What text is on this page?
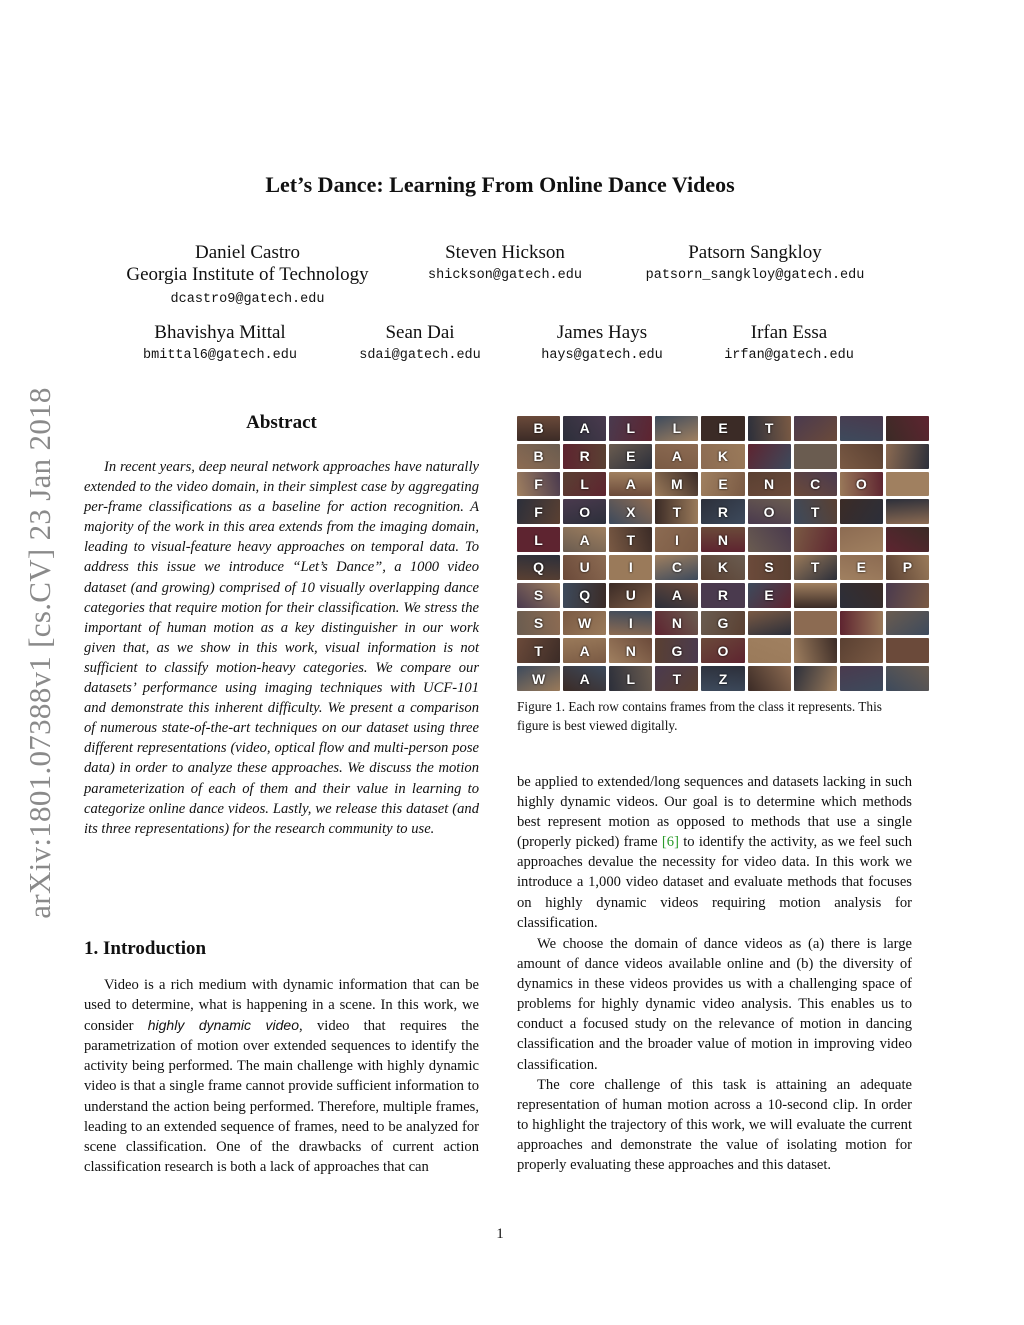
arXiv:1801.07388v1 [cs.CV] 23 Jan 2018
Let’s Dance: Learning From Online Dance Videos
Daniel Castro
Georgia Institute of Technology
dcastro9@gatech.edu
Steven Hickson
shickson@gatech.edu
Patsorn Sangkloy
patsorn_sangkloy@gatech.edu
Bhavishya Mittal
bmittal6@gatech.edu
Sean Dai
sdai@gatech.edu
James Hays
hays@gatech.edu
Irfan Essa
irfan@gatech.edu
Abstract

In recent years, deep neural network approaches have naturally extended to the video domain, in their simplest case by aggregating per-frame classifications as a baseline for action recognition. A majority of the work in this area extends from the imaging domain, leading to visual-feature heavy approaches on temporal data. To address this issue we introduce “Let’s Dance”, a 1000 video dataset (and growing) comprised of 10 visually overlapping dance categories that require motion for their classification. We stress the important of human motion as a key distinguisher in our work given that, as we show in this work, visual information is not sufficient to classify motion-heavy categories. We compare our datasets’ performance using imaging techniques with UCF-101 and demonstrate this inherent difficulty. We present a comparison of numerous state-of-the-art techniques on our dataset using three different representations (video, optical flow and multi-person pose data) in order to analyze these approaches. We discuss the motion parameterization of each of them and their value in learning to categorize online dance videos. Lastly, we release this dataset (and its three representations) for the research community to use.

1. Introduction

Video is a rich medium with dynamic information that can be used to determine, what is happening in a scene. In this work, we consider highly dynamic video, video that requires the parametrization of motion over extended sequences to identify the activity being performed. The main challenge with highly dynamic video is that a single frame cannot provide sufficient information to understand the action being performed. Therefore, multiple frames, leading to an extended sequence of frames, need to be analyzed for scene classification. One of the drawbacks of current action classification research is both a lack of approaches that can

B	A	L	L	E	T
B	R	E	A	K
F	L	A	M	E	N	C	O
F	O	X	T	R	O	T
L	A	T	I	N
Q	U	I	C	K	S	T	E	P
S	Q	U	A	R	E
S	W	I	N	G
T	A	N	G	O
W	A	L	T	Z

Figure 1. Each row contains frames from the class it represents. This figure is best viewed digitally.

be applied to extended/long sequences and datasets lacking in such highly dynamic videos. Our goal is to determine which methods best represent motion as opposed to methods that use a single (properly picked) frame [6] to identify the activity, as we feel such approaches devalue the necessity for video data. In this work we introduce a 1,000 video dataset and evaluate methods that focuses on highly dynamic videos requiring motion analysis for classification.

We choose the domain of dance videos as (a) there is large amount of dance videos available online and (b) the diversity of dynamics in these videos provides us with a challenging space of problems for highly dynamic video analysis. This enables us to conduct a focused study on the relevance of motion in dancing classification and the broader value of motion in improving video classification.

The core challenge of this task is attaining an adequate representation of human motion across a 10-second clip. In order to highlight the trajectory of this work, we will evaluate the current approaches and demonstrate the value of isolating motion for properly evaluating these approaches and this dataset.

1
